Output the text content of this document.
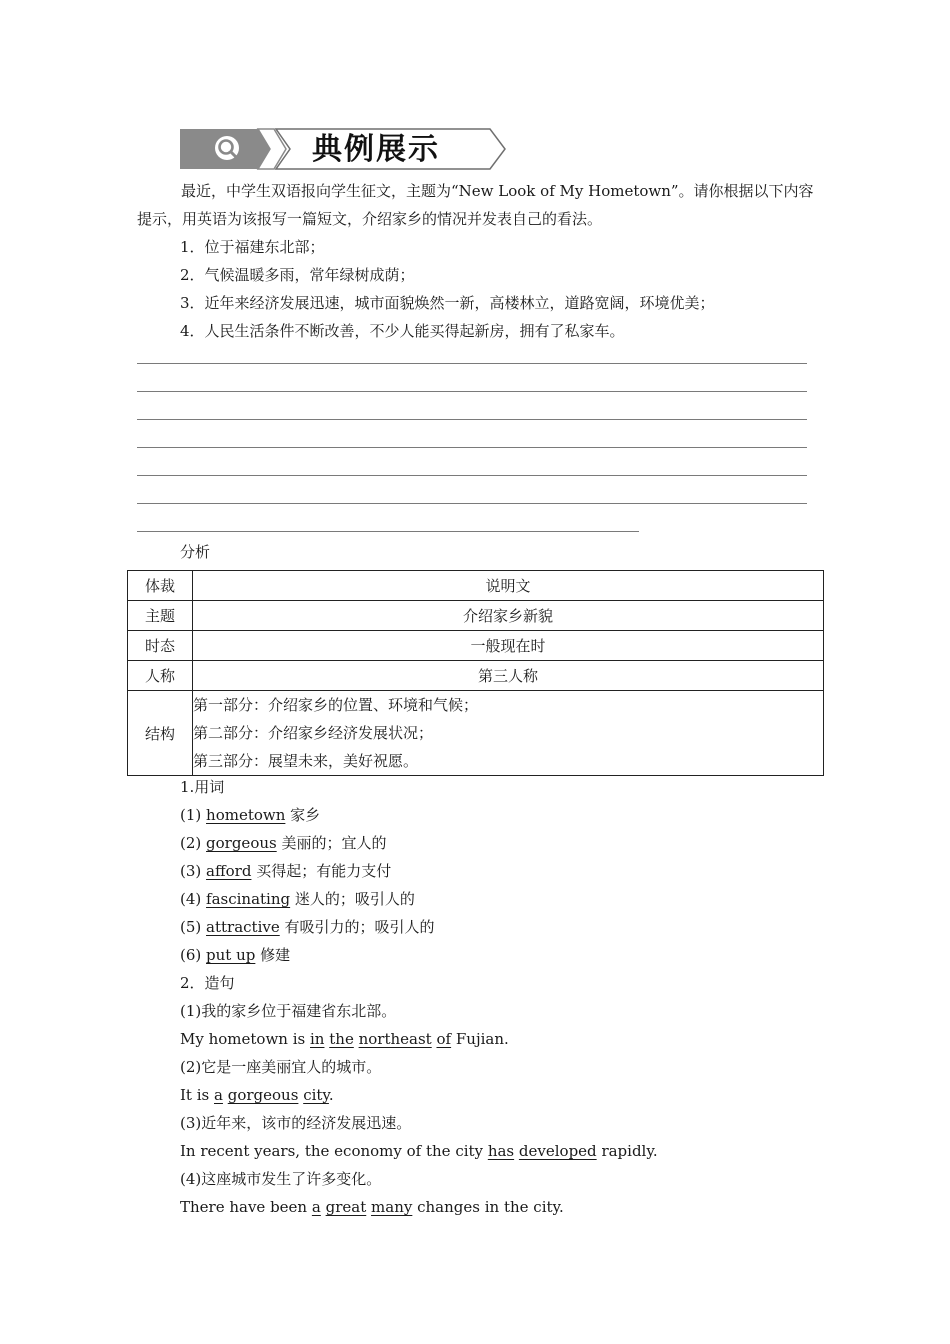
典例展示
最近，中学生双语报向学生征文，主题为“New Look of My Hometown”。请你根据以下内容提示，用英语为该报写一篇短文，介绍家乡的情况并发表自己的看法。
1．位于福建东北部；
2．气候温暖多雨，常年绿树成荫；
3．近年来经济发展迅速，城市面貌焕然一新，高楼林立，道路宽阔，环境优美；
4．人民生活条件不断改善，不少人能买得起新房，拥有了私家车。
分析
体裁	说明文
主题	介绍家乡新貌
时态	一般现在时
人称	第三人称
结构	第一部分：介绍家乡的位置、环境和气候；
第二部分：介绍家乡经济发展状况；
第三部分：展望未来，美好祝愿。
1.用词
(1) hometown 家乡
(2) gorgeous 美丽的；宜人的
(3) afford 买得起；有能力支付
(4) fascinating 迷人的；吸引人的
(5) attractive 有吸引力的；吸引人的
(6) put up 修建
2．造句
(1)我的家乡位于福建省东北部。
My hometown is in the northeast of Fujian.
(2)它是一座美丽宜人的城市。
It is a gorgeous city.
(3)近年来，该市的经济发展迅速。
In recent years, the economy of the city has developed rapidly.
(4)这座城市发生了许多变化。
There have been a great many changes in the city.
